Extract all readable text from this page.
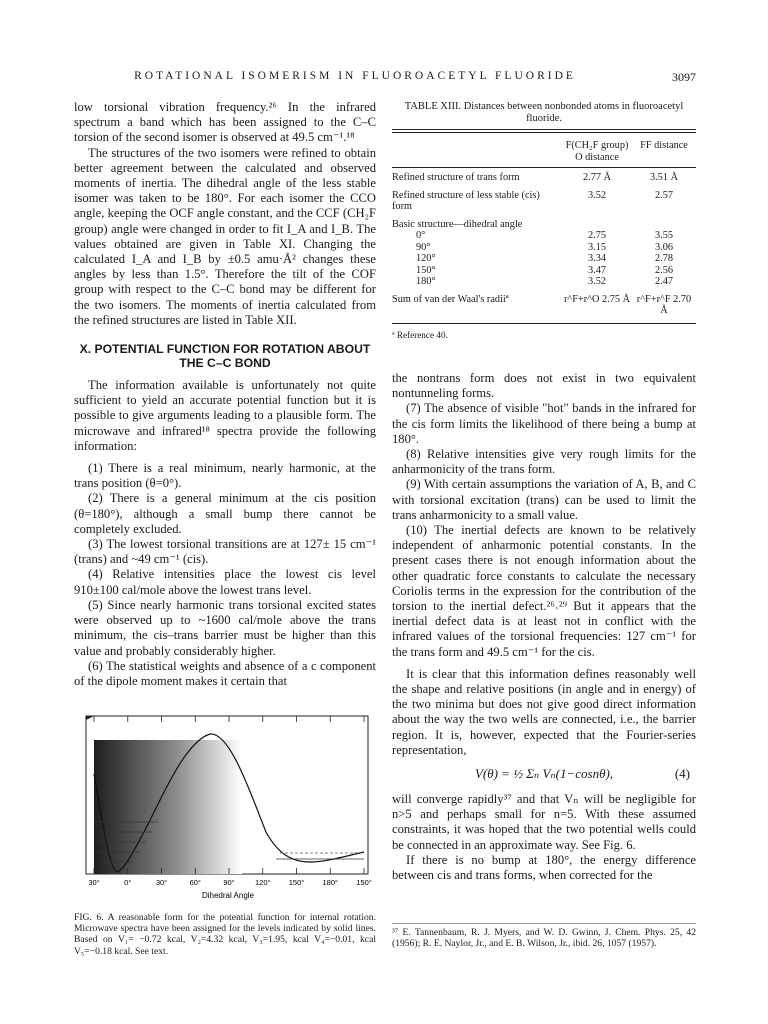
ROTATIONAL ISOMERISM IN FLUOROACETYL FLUORIDE	3097

low torsional vibration frequency.²⁶ In the infrared spectrum a band which has been assigned to the C–C torsion of the second isomer is observed at 49.5 cm⁻¹.¹⁸

The structures of the two isomers were refined to obtain better agreement between the calculated and observed moments of inertia. The dihedral angle of the less stable isomer was taken to be 180°. For each isomer the CCO angle, keeping the OCF angle constant, and the CCF (CH₂F group) angle were changed in order to fit I_A and I_B. The values obtained are given in Table XI. Changing the calculated I_A and I_B by ±0.5 amu·Å² changes these angles by less than 1.5°. Therefore the tilt of the COF group with respect to the C–C bond may be different for the two isomers. The moments of inertia calculated from the refined structures are listed in Table XII.

X. POTENTIAL FUNCTION FOR ROTATION ABOUT THE C–C BOND

The information available is unfortunately not quite sufficient to yield an accurate potential function but it is possible to give arguments leading to a plausible form. The microwave and infrared¹⁸ spectra provide the following information:

(1) There is a real minimum, nearly harmonic, at the trans position (θ=0°).

(2) There is a general minimum at the cis position (θ=180°), although a small bump there cannot be completely excluded.

(3) The lowest torsional transitions are at 127± 15 cm⁻¹ (trans) and ~49 cm⁻¹ (cis).

(4) Relative intensities place the lowest cis level 910±100 cal/mole above the lowest trans level.

(5) Since nearly harmonic trans torsional excited states were observed up to ~1600 cal/mole above the trans minimum, the cis–trans barrier must be higher than this value and probably considerably higher.

(6) The statistical weights and absence of a c component of the dipole moment makes it certain that

30°	0°	30°	60°	90°	120° 150° 180° 150°
Dihedral Angle
FIG. 6. A reasonable form for the potential function for internal rotation. Microwave spectra have been assigned for the levels indicated by solid lines. Based on V₁= −0.72 kcal, V₂=4.32 kcal, V₃=1.95, kcal V₄=−0.01, kcal V₅=−0.18 kcal. See text.
TABLE XIII. Distances between nonbonded atoms in fluoroacetyl fluoride.
	F(CH₂F group) O distance	FF distance

Refined structure of trans form	2.77 Å	3.51 Å
Refined structure of less stable (cis) form	3.52	2.57
Basic structure—dihedral angle		
0°	2.75	3.55
90°	3.15	3.06
120°	3.34	2.78
150°	3.47	2.56
180°	3.52	2.47
Sum of van der Waal's radiiª	r^F+r^O 2.75 Å	r^F+r^F 2.70 Å
ª Reference 40.

the nontrans form does not exist in two equivalent nontunneling forms.

(7) The absence of visible "hot" bands in the infrared for the cis form limits the likelihood of there being a bump at 180°.

(8) Relative intensities give very rough limits for the anharmonicity of the trans form.

(9) With certain assumptions the variation of A, B, and C with torsional excitation (trans) can be used to limit the trans anharmonicity to a small value.

(10) The inertial defects are known to be relatively independent of anharmonic potential constants. In the present cases there is not enough information about the other quadratic force constants to calculate the necessary Coriolis terms in the expression for the contribution of the torsion to the inertial defect.²⁶˒²⁹ But it appears that the inertial defect data is at least not in conflict with the infrared values of the torsional frequencies: 127 cm⁻¹ for the trans form and 49.5 cm⁻¹ for the cis.

It is clear that this information defines reasonably well the shape and relative positions (in angle and in energy) of the two minima but does not give good direct information about the way the two wells are connected, i.e., the barrier region. It is, however, expected that the Fourier-series representation,

V(θ) = ½ Σₙ Vₙ(1−cosnθ),	(4)

will converge rapidly³⁷ and that Vₙ will be negligible for n>5 and perhaps small for n=5. With these assumed constraints, it was hoped that the two potential wells could be connected in an approximate way. See Fig. 6.

If there is no bump at 180°, the energy difference between cis and trans forms, when corrected for the

³⁷ E. Tannenbaum, R. J. Myers, and W. D. Gwinn, J. Chem. Phys. 25, 42 (1956); R. E. Naylor, Jr., and E. B. Wilson, Jr., ibid. 26, 1057 (1957).
